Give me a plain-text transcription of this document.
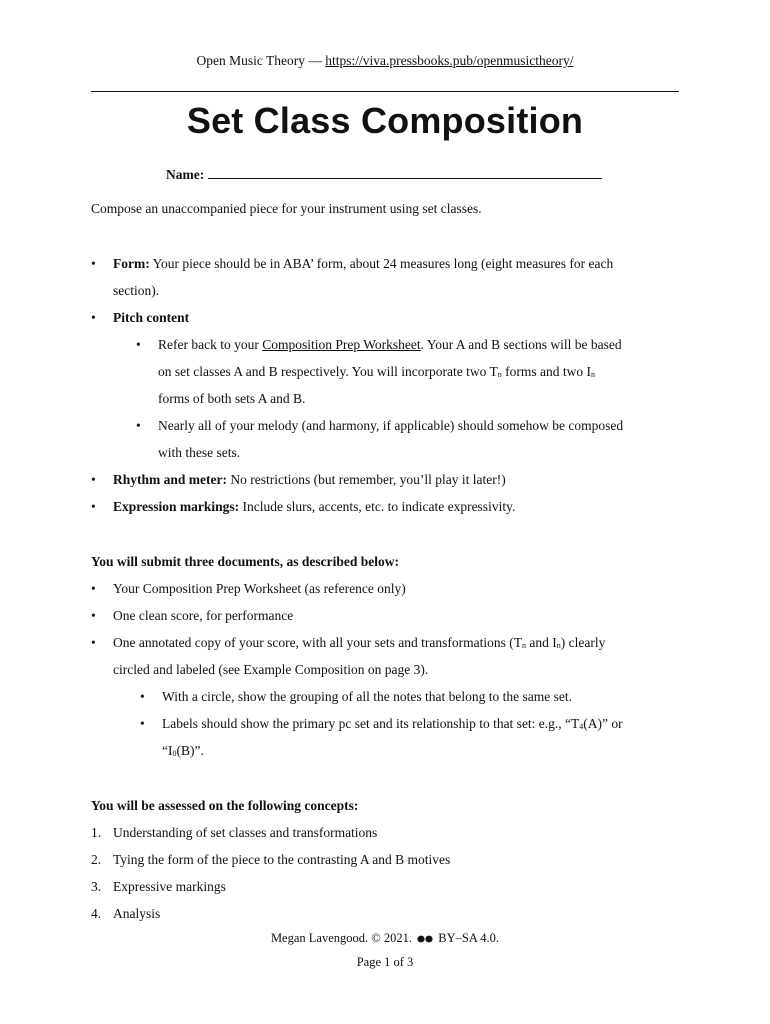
Open Music Theory — https://viva.pressbooks.pub/openmusictheory/
Set Class Composition
Name:
Compose an unaccompanied piece for your instrument using set classes.
• Form: Your piece should be in ABA’ form, about 24 measures long (eight measures for each
section).
• Pitch content
• Refer back to your Composition Prep Worksheet. Your A and B sections will be based
on set classes A and B respectively. You will incorporate two $T_n$ forms and two $I_n$
forms of both sets A and B.
• Nearly all of your melody (and harmony, if applicable) should somehow be composed
with these sets.
• Rhythm and meter: No restrictions (but remember, you’ll play it later!)
• Expression markings: Include slurs, accents, etc. to indicate expressivity.
You will submit three documents, as described below:
• Your Composition Prep Worksheet (as reference only)
• One clean score, for performance
• One annotated copy of your score, with all your sets and transformations ($T_n$ and $I_n$) clearly
circled and labeled (see Example Composition on page 3).
• With a circle, show the grouping of all the notes that belong to the same set.
• Labels should show the primary pc set and its relationship to that set: e.g., “$T_4(A)$” or
“$I_0(B)$”.
You will be assessed on the following concepts:
1. Understanding of set classes and transformations
2. Tying the form of the piece to the contrasting A and B motives
3. Expressive markings
4. Analysis
Megan Lavengood. © 2021.  BY–SA 4.0.
Page 1 of 3
